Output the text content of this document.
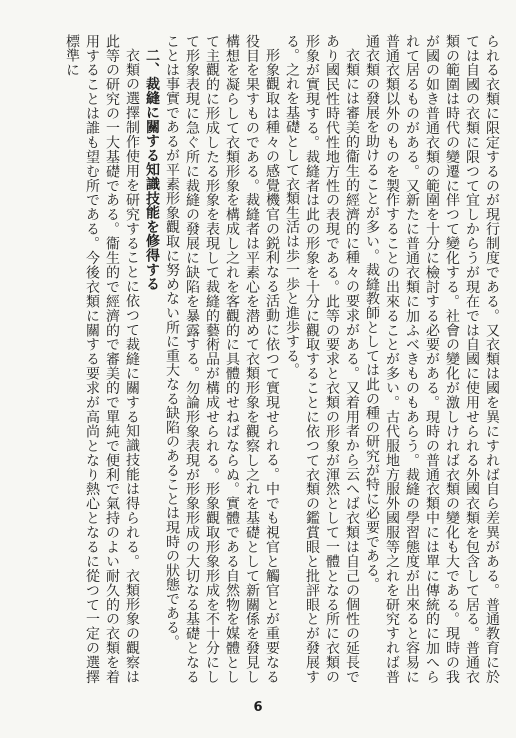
られる衣類に限定するのが現行制度である。又衣類は國を異にすれば自ら差異がある。普通教育に於ては自國の衣類に限つて宜しからうが現在では自國に使用せられる外國衣類を包含して居る。普通衣類の範圍は時代の變遷に伴つて變化する。社會の變化が激しければ衣類の變化も大である。現時の我が國の如き普通衣類の範圍を十分に檢討する必要がある。現時の普通衣類中には單に傳統的に加へられて居るものがある。又新たに普通衣類に加ふべきものもあらう。裁縫の學習態度が出來ると容易に普通衣類以外のものを製作することの出來ることが多い。古代服地方服外國服等之れを研究すれば普通衣類の發展を助けることが多い。裁縫教師としては此の種の研究が特に必要である。

衣類には審美的衞生的經濟的に種々の要求がある。又着用者から云へば衣類は自己の個性の延長であり國民性時代性地方性の表現である。此等の要求と衣類の形象が渾然として一體となる所に衣類の形象が實現する。裁縫者は此の形象を十分に觀取することに依つて衣類の鑑賞眼と批評眼とが發展する。之れを基礎として衣類生活は歩一歩と進歩する。

形象觀取は種々の感覺機官の鋭利なる活動に依つて實現せられる。中でも視官と觸官とが重要なる役目を果すものである。裁縫者は平素心を潜めて衣類形象を觀察し之れを基礎として新關係を發見し構想を凝らして衣類形象を構成し之れを客觀的に具體的せねばならぬ。實體である自然物を媒體として主觀的に形成したる形象を表現して裁縫的藝術品が構成せられる。形象觀取形象形成を不十分にして形象表現に急ぐ所に裁縫の發展に缺陷を暴露する。勿論形象表現が形象形成の大切なる基礎となることは事實であるが平素形象觀取に努めない所に重大なる缺陷のあることは現時の狀態である。

二、裁縫に關する知識技能を修得する

衣類の選擇制作使用を研究することに依つて裁縫に關する知識技能は得られる。衣類形象の觀察は此等の研究の一大基礎である。衞生的で經濟的で審美的で單純で便利で氣持のよい耐久的の衣類を着用することは誰も望む所である。今後衣類に關する要求が高尚となり熱心となるに從つて一定の選擇標準に

6
